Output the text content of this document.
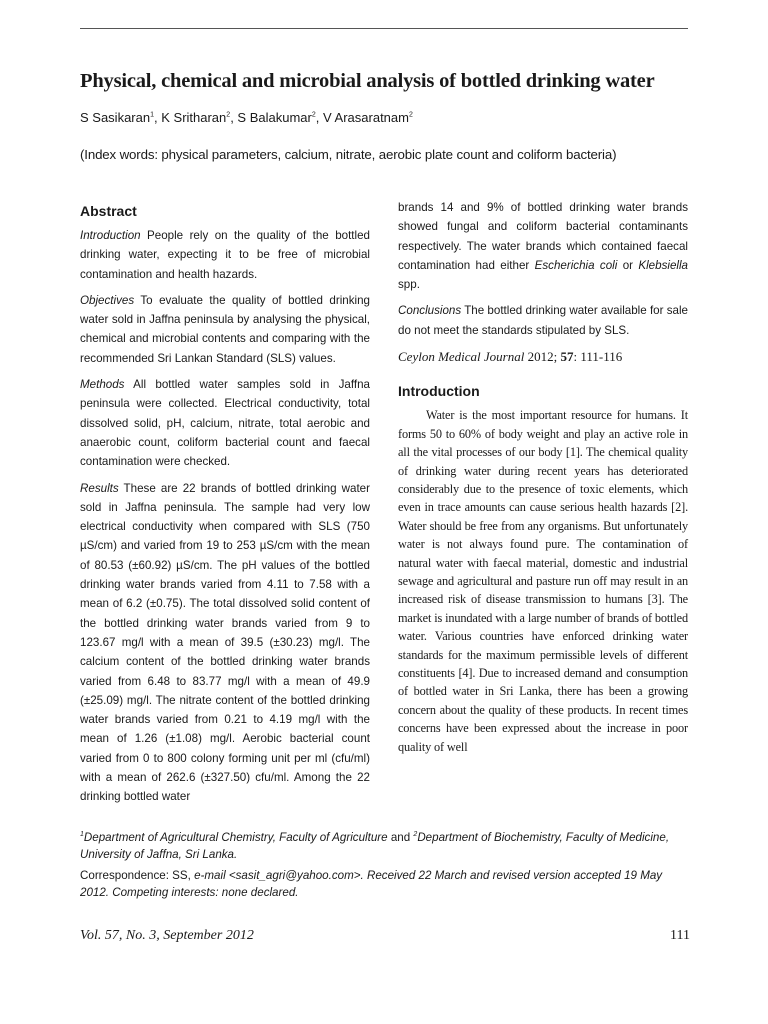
Physical, chemical and microbial analysis of bottled drinking water
S Sasikaran$^1$, K Sritharan$^2$, S Balakumar$^2$, V Arasaratnam$^2$
(Index words: physical parameters, calcium, nitrate, aerobic plate count and coliform bacteria)
Abstract

Introduction People rely on the quality of the bottled drinking water, expecting it to be free of microbial contamination and health hazards.

Objectives To evaluate the quality of bottled drinking water sold in Jaffna peninsula by analysing the physical, chemical and microbial contents and comparing with the recommended Sri Lankan Standard (SLS) values.

Methods All bottled water samples sold in Jaffna peninsula were collected. Electrical conductivity, total dissolved solid, pH, calcium, nitrate, total aerobic and anaerobic count, coliform bacterial count and faecal contamination were checked.

Results These are 22 brands of bottled drinking water sold in Jaffna peninsula. The sample had very low electrical conductivity when compared with SLS (750 µS/cm) and varied from 19 to 253 µS/cm with the mean of 80.53 (±60.92) µS/cm. The pH values of the bottled drinking water brands varied from 4.11 to 7.58 with a mean of 6.2 (±0.75). The total dissolved solid content of the bottled drinking water brands varied from 9 to 123.67 mg/l with a mean of 39.5 (±30.23) mg/l. The calcium content of the bottled drinking water brands varied from 6.48 to 83.77 mg/l with a mean of 49.9 (±25.09) mg/l. The nitrate content of the bottled drinking water brands varied from 0.21 to 4.19 mg/l with the mean of 1.26 (±1.08) mg/l. Aerobic bacterial count varied from 0 to 800 colony forming unit per ml (cfu/ml) with a mean of 262.6 (±327.50) cfu/ml. Among the 22 drinking bottled water

brands 14 and 9% of bottled drinking water brands showed fungal and coliform bacterial contaminants respectively. The water brands which contained faecal contamination had either Escherichia coli or Klebsiella spp.

Conclusions The bottled drinking water available for sale do not meet the standards stipulated by SLS.

Ceylon Medical Journal 2012; 57: 111-116

Introduction

Water is the most important resource for humans. It forms 50 to 60% of body weight and play an active role in all the vital processes of our body [1]. The chemical quality of drinking water during recent years has deteriorated considerably due to the presence of toxic elements, which even in trace amounts can cause serious health hazards [2]. Water should be free from any organisms. But unfortunately water is not always found pure. The contamination of natural water with faecal material, domestic and industrial sewage and agricultural and pasture run off may result in an increased risk of disease transmission to humans [3]. The market is inundated with a large number of brands of bottled water. Various countries have enforced drinking water standards for the maximum permissible levels of different constituents [4]. Due to increased demand and consumption of bottled water in Sri Lanka, there has been a growing concern about the quality of these products. In recent times concerns have been expressed about the increase in poor quality of well

$^1$Department of Agricultural Chemistry, Faculty of Agriculture and $^2$Department of Biochemistry, Faculty of Medicine, University of Jaffna, Sri Lanka.
Correspondence: SS, e-mail <sasit_agri@yahoo.com>. Received 22 March and revised version accepted 19 May 2012. Competing interests: none declared.
Vol. 57, No. 3, September 2012	111
